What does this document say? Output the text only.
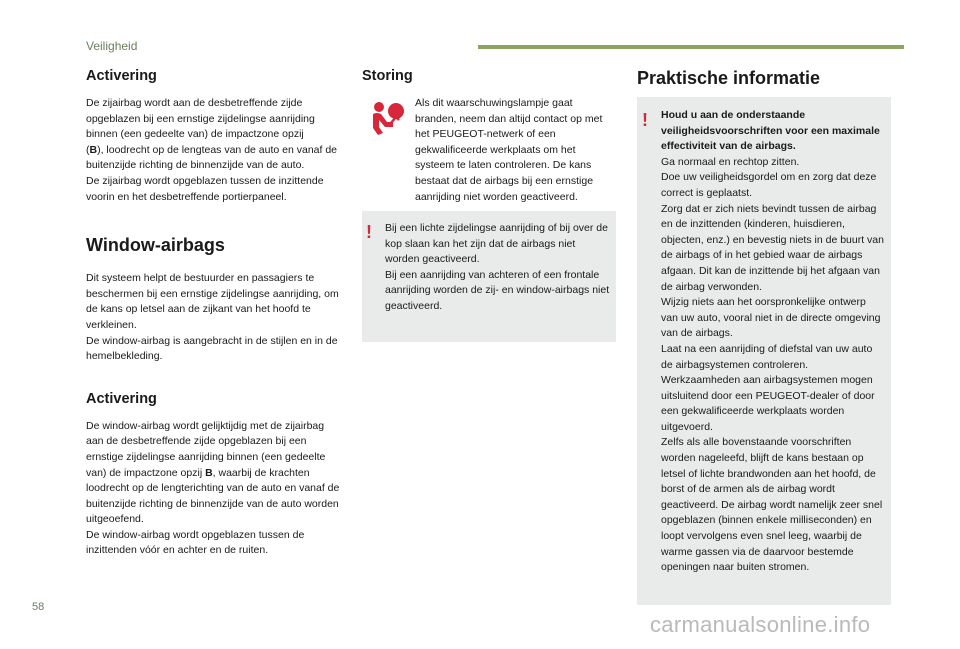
Veiligheid
Activering

De zijairbag wordt aan de desbetreffende zijde opgeblazen bij een ernstige zijdelingse aanrijding binnen (een gedeelte van) de impactzone opzij
(B), loodrecht op de lengteas van de auto en vanaf de buitenzijde richting de binnenzijde van de auto.

De zijairbag wordt opgeblazen tussen de inzittende voorin en het desbetreffende portierpaneel.

Window-airbags

Dit systeem helpt de bestuurder en passagiers te beschermen bij een ernstige zijdelingse aanrijding, om de kans op letsel aan de zijkant van het hoofd te verkleinen.

De window-airbag is aangebracht in de stijlen en in de hemelbekleding.

Activering

De window-airbag wordt gelijktijdig met de zijairbag aan de desbetreffende zijde opgeblazen bij een ernstige zijdelingse aanrijding binnen (een gedeelte van) de impactzone opzij B, waarbij de krachten loodrecht op de lengterichting van de auto en vanaf de buitenzijde richting de binnenzijde van de auto worden uitgeoefend.

De window-airbag wordt opgeblazen tussen de inzittenden vóór en achter en de ruiten.

Storing

Als dit waarschuwingslampje gaat branden, neem dan altijd contact op met het PEUGEOT-netwerk of een gekwalificeerde werkplaats om het systeem te laten controleren. De kans bestaat dat de airbags bij een ernstige aanrijding niet worden geactiveerd.

! Bij een lichte zijdelingse aanrijding of bij over de kop slaan kan het zijn dat de airbags niet worden geactiveerd.

Bij een aanrijding van achteren of een frontale aanrijding worden de zij- en window-airbags niet geactiveerd.

Praktische informatie
! Houd u aan de onderstaande veiligheidsvoorschriften voor een maximale effectiviteit van de airbags.

Ga normaal en rechtop zitten.

Doe uw veiligheidsgordel om en zorg dat deze correct is geplaatst.

Zorg dat er zich niets bevindt tussen de airbag en de inzittenden (kinderen, huisdieren, objecten, enz.) en bevestig niets in de buurt van de airbags of in het gebied waar de airbags afgaan. Dit kan de inzittende bij het afgaan van de airbag verwonden.

Wijzig niets aan het oorspronkelijke ontwerp van uw auto, vooral niet in de directe omgeving van de airbags.

Laat na een aanrijding of diefstal van uw auto de airbagsystemen controleren.

Werkzaamheden aan airbagsystemen mogen uitsluitend door een PEUGEOT-dealer of door een gekwalificeerde werkplaats worden uitgevoerd.

Zelfs als alle bovenstaande voorschriften worden nageleefd, blijft de kans bestaan op letsel of lichte brandwonden aan het hoofd, de borst of de armen als de airbag wordt geactiveerd. De airbag wordt namelijk zeer snel opgeblazen (binnen enkele milliseconden) en loopt vervolgens even snel leeg, waarbij de warme gassen via de daarvoor bestemde openingen naar buiten stromen.

58
carmanualsonline.info
